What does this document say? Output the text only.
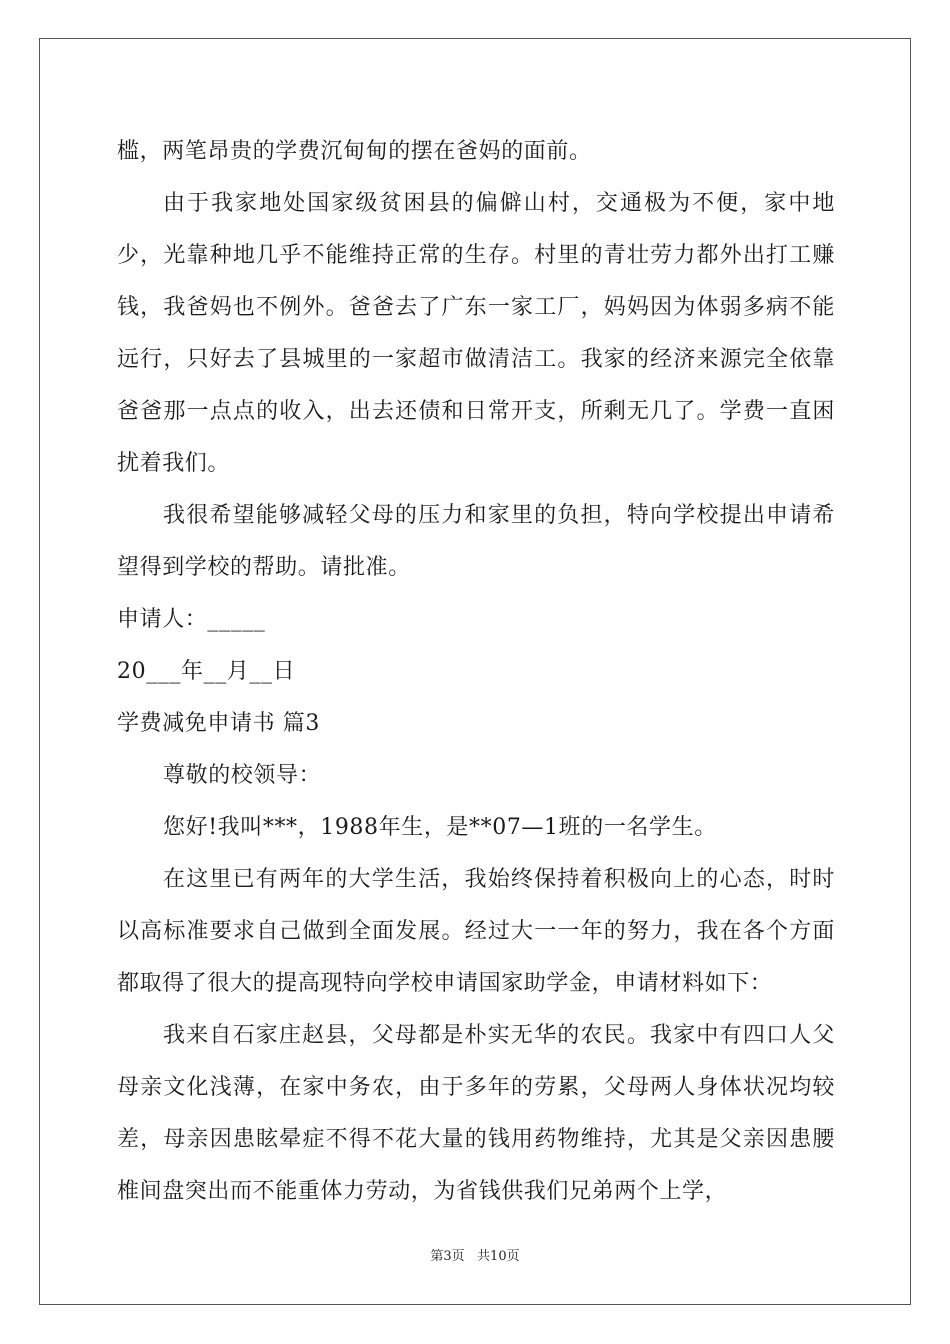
槛，两笔昂贵的学费沉甸甸的摆在爸妈的面前。

由于我家地处国家级贫困县的偏僻山村，交通极为不便，家中地少，光靠种地几乎不能维持正常的生存。村里的青壮劳力都外出打工赚钱，我爸妈也不例外。爸爸去了广东一家工厂，妈妈因为体弱多病不能远行，只好去了县城里的一家超市做清洁工。我家的经济来源完全依靠爸爸那一点点的收入，出去还债和日常开支，所剩无几了。学费一直困扰着我们。

我很希望能够减轻父母的压力和家里的负担，特向学校提出申请希望得到学校的帮助。请批准。

申请人：_____

20___年__月__日

学费减免申请书 篇3

尊敬的校领导：

您好!我叫***，1988年生，是**07—1班的一名学生。

在这里已有两年的大学生活，我始终保持着积极向上的心态，时时以高标准要求自己做到全面发展。经过大一一年的努力，我在各个方面都取得了很大的提高现特向学校申请国家助学金，申请材料如下：

我来自石家庄赵县，父母都是朴实无华的农民。我家中有四口人父母亲文化浅薄，在家中务农，由于多年的劳累，父母两人身体状况均较差，母亲因患眩晕症不得不花大量的钱用药物维持，尤其是父亲因患腰椎间盘突出而不能重体力劳动，为省钱供我们兄弟两个上学，

第3页   共10页
